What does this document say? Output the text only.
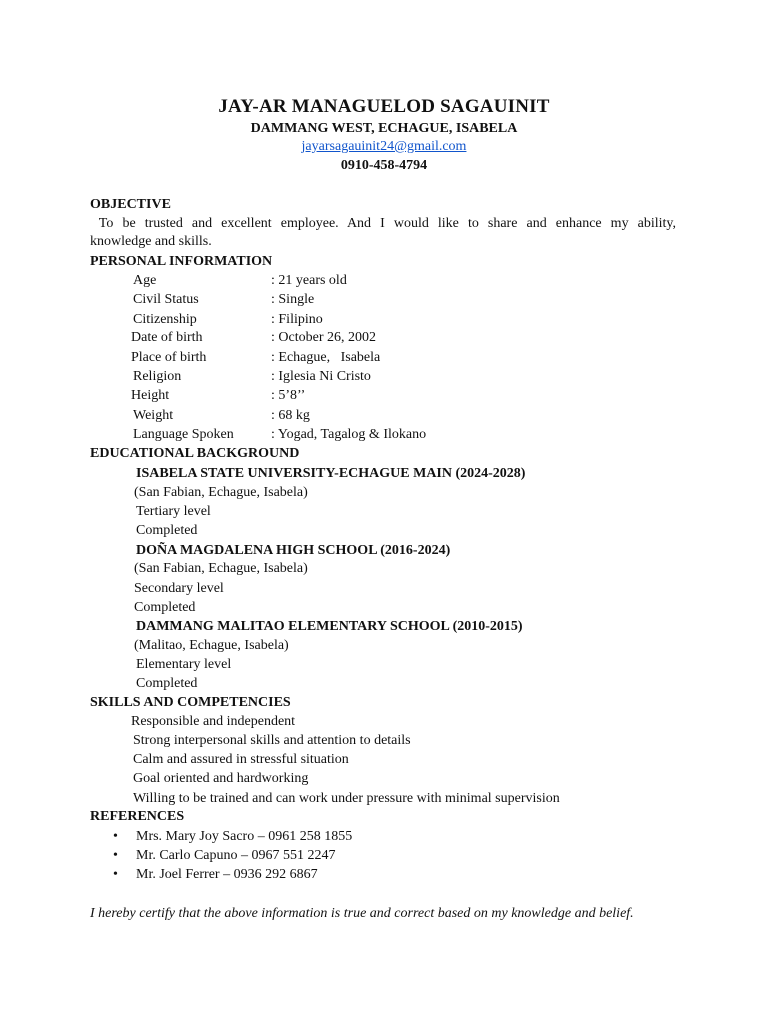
JAY-AR MANAGUELOD SAGAUINIT
DAMMANG WEST, ECHAGUE, ISABELA
jayarsagauinit24@gmail.com
0910-458-4794
OBJECTIVE

To be trusted and excellent employee. And I would like to share and enhance my ability,

knowledge and skills.

PERSONAL INFORMATION
Age	: 21 years old
Civil Status	: Single
Citizenship	: Filipino
Date of birth	: October 26, 2002
Place of birth	: Echague,   Isabela
Religion	: Iglesia Ni Cristo
Height	: 5’8’’
Weight	: 68 kg
Language Spoken	: Yogad, Tagalog & Ilokano
EDUCATIONAL BACKGROUND
ISABELA STATE UNIVERSITY-ECHAGUE MAIN (2024-2028)
(San Fabian, Echague, Isabela)
Tertiary level
Completed
DOÑA MAGDALENA HIGH SCHOOL (2016-2024)
(San Fabian, Echague, Isabela)
Secondary level
Completed
DAMMANG MALITAO ELEMENTARY SCHOOL (2010-2015)
(Malitao, Echague, Isabela)
Elementary level
Completed
SKILLS AND COMPETENCIES
Responsible and independent
Strong interpersonal skills and attention to details
Calm and assured in stressful situation
Goal oriented and hardworking
Willing to be trained and can work under pressure with minimal supervision
REFERENCES
• Mrs. Mary Joy Sacro – 0961 258 1855
• Mr. Carlo Capuno – 0967 551 2247
• Mr. Joel Ferrer – 0936 292 6867
I hereby certify that the above information is true and correct based on my knowledge and belief.
